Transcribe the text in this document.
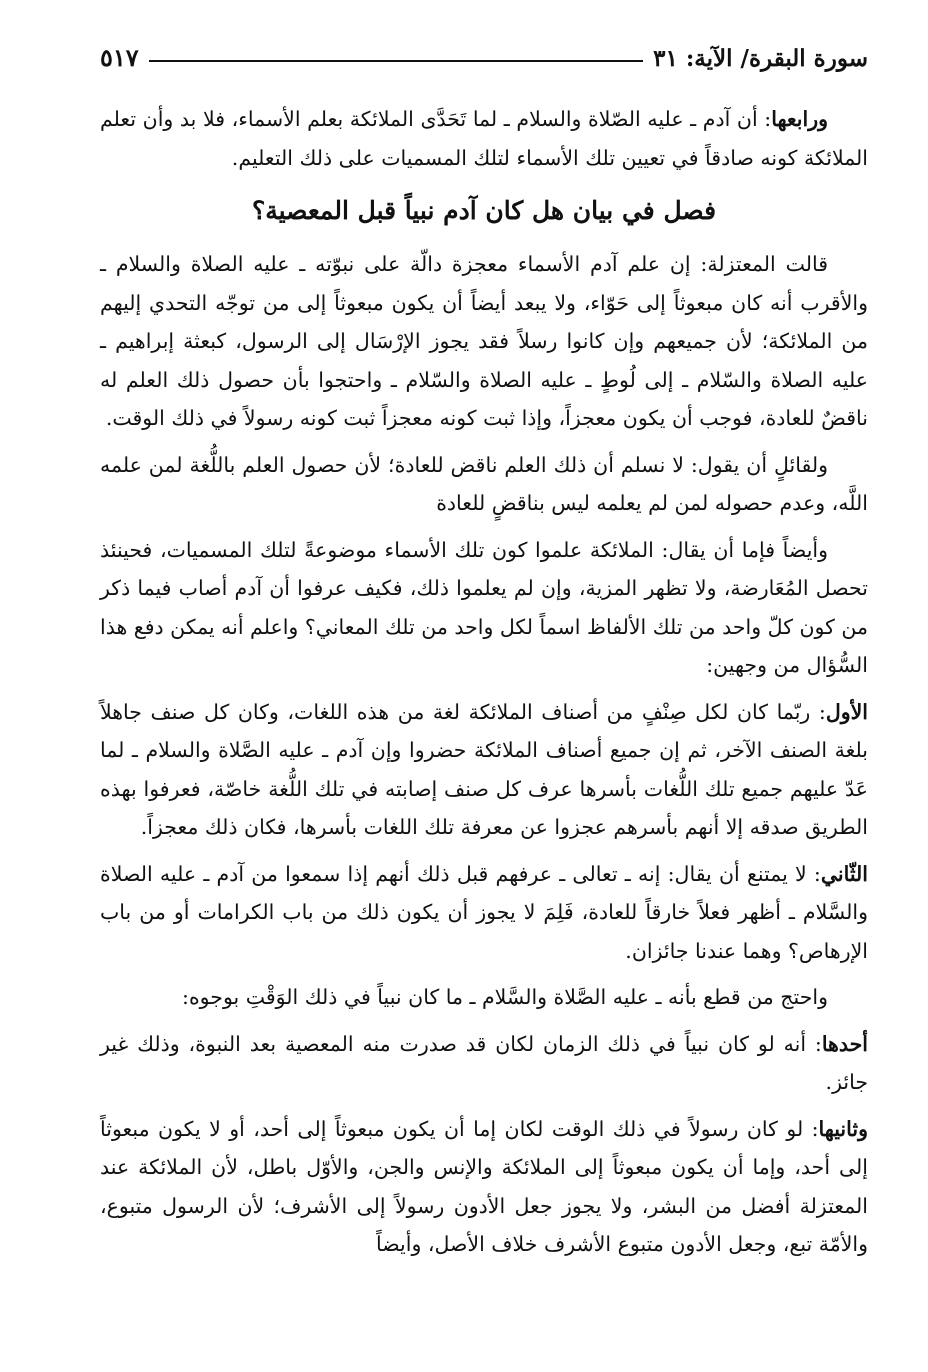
سورة البقرة/ الآية: ٣١
٥١٧

ورابعها: أن آدم ـ عليه الصّلاة والسلام ـ لما تَحَدَّى الملائكة بعلم الأسماء، فلا بد وأن تعلم الملائكة كونه صادقاً في تعيين تلك الأسماء لتلك المسميات على ذلك التعليم.

فصل في بيان هل كان آدم نبياً قبل المعصية؟

قالت المعتزلة: إن علم آدم الأسماء معجزة دالّة على نبوّته ـ عليه الصلاة والسلام ـ والأقرب أنه كان مبعوثاً إلى حَوّاء، ولا يبعد أيضاً أن يكون مبعوثاً إلى من توجّه التحدي إليهم من الملائكة؛ لأن جميعهم وإن كانوا رسلاً فقد يجوز الإرْسَال إلى الرسول، كبعثة إبراهيم ـ عليه الصلاة والسّلام ـ إلى لُوطٍ ـ عليه الصلاة والسّلام ـ واحتجوا بأن حصول ذلك العلم له ناقضٌ للعادة، فوجب أن يكون معجزاً، وإذا ثبت كونه معجزاً ثبت كونه رسولاً في ذلك الوقت.

ولقائلٍ أن يقول: لا نسلم أن ذلك العلم ناقض للعادة؛ لأن حصول العلم باللُّغة لمن علمه اللَّه، وعدم حصوله لمن لم يعلمه ليس بناقضٍ للعادة

وأيضاً فإما أن يقال: الملائكة علموا كون تلك الأسماء موضوعةً لتلك المسميات، فحينئذ تحصل المُعَارضة، ولا تظهر المزية، وإن لم يعلموا ذلك، فكيف عرفوا أن آدم أصاب فيما ذكر من كون كلّ واحد من تلك الألفاظ اسماً لكل واحد من تلك المعاني؟ واعلم أنه يمكن دفع هذا السُّؤال من وجهين:

الأول: ربّما كان لكل صِنْفٍ من أصناف الملائكة لغة من هذه اللغات، وكان كل صنف جاهلاً بلغة الصنف الآخر، ثم إن جميع أصناف الملائكة حضروا وإن آدم ـ عليه الصَّلاة والسلام ـ لما عَدّ عليهم جميع تلك اللُّغات بأسرها عرف كل صنف إصابته في تلك اللُّغة خاصّة، فعرفوا بهذه الطريق صدقه إلا أنهم بأسرهم عجزوا عن معرفة تلك اللغات بأسرها، فكان ذلك معجزاً.

الثّاني: لا يمتنع أن يقال: إنه ـ تعالى ـ عرفهم قبل ذلك أنهم إذا سمعوا من آدم ـ عليه الصلاة والسَّلام ـ أظهر فعلاً خارقاً للعادة، فَلِمَ لا يجوز أن يكون ذلك من باب الكرامات أو من باب الإرهاص؟ وهما عندنا جائزان.

واحتج من قطع بأنه ـ عليه الصَّلاة والسَّلام ـ ما كان نبياً في ذلك الوَقْتِ بوجوه:

أحدها: أنه لو كان نبياً في ذلك الزمان لكان قد صدرت منه المعصية بعد النبوة، وذلك غير جائز.

وثانيها: لو كان رسولاً في ذلك الوقت لكان إما أن يكون مبعوثاً إلى أحد، أو لا يكون مبعوثاً إلى أحد، وإما أن يكون مبعوثاً إلى الملائكة والإنس والجن، والأوّل باطل، لأن الملائكة عند المعتزلة أفضل من البشر، ولا يجوز جعل الأدون رسولاً إلى الأشرف؛ لأن الرسول متبوع، والأمّة تبع، وجعل الأدون متبوع الأشرف خلاف الأصل، وأيضاً
